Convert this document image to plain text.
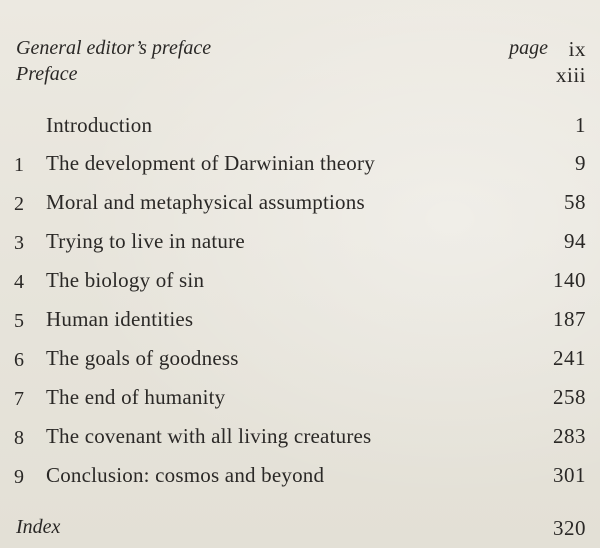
General editor’s preface	page ix
Preface	xiii
Introduction	1
1 The development of Darwinian theory	9
2 Moral and metaphysical assumptions	58
3 Trying to live in nature	94
4 The biology of sin	140
5 Human identities	187
6 The goals of goodness	241
7 The end of humanity	258
8 The covenant with all living creatures	283
9 Conclusion: cosmos and beyond	301
Index	320
